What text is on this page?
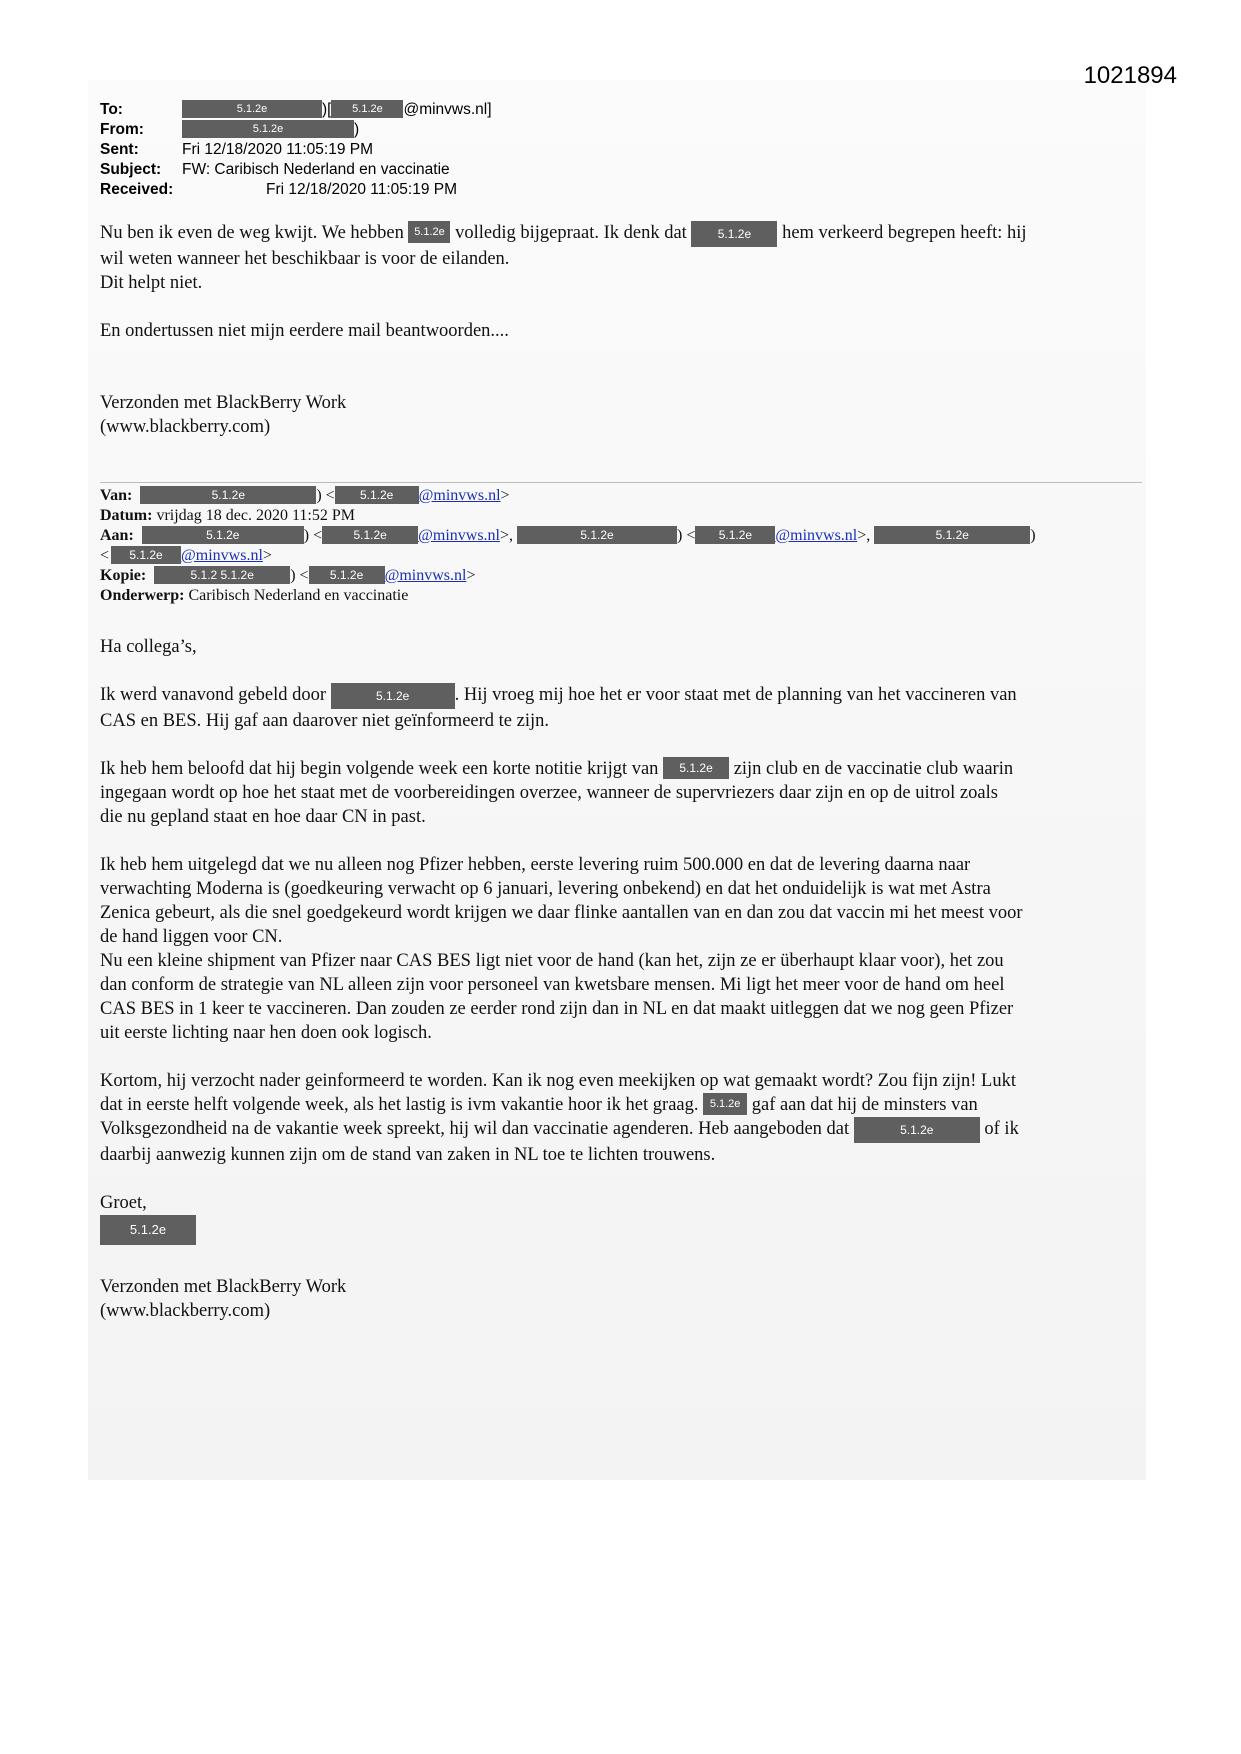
1021894
To:	5.1.2e	)[ 5.1.2e @minvws.nl]
From:	5.1.2e	)
Sent:	Fri 12/18/2020 11:05:19 PM
Subject: FW: Caribisch Nederland en vaccinatie
Received:	Fri 12/18/2020 11:05:19 PM

Nu ben ik even de weg kwijt. We hebben 5.1.2e volledig bijgepraat. Ik denk dat 5.1.2e hem verkeerd begrepen heeft: hij

wil weten wanneer het beschikbaar is voor de eilanden.

Dit helpt niet.

En ondertussen niet mijn eerdere mail beantwoorden....

Verzonden met BlackBerry Work

(www.blackberry.com)

Van:	5.1.2e	) < 5.1.2e @minvws.nl>
Datum: vrijdag 18 dec. 2020 11:52 PM
Aan:	5.1.2e	) <	5.1.2e @minvws.nl>,	5.1.2e	) < 5.1.2e @minvws.nl>,	5.1.2e	)
< 5.1.2e @minvws.nl>
Kopie:	5.1.2 5.1.2e ) < 5.1.2e @minvws.nl>
Onderwerp: Caribisch Nederland en vaccinatie

Ha collega’s,

Ik werd vanavond gebeld door	5.1.2e . Hij vroeg mij hoe het er voor staat met de planning van het vaccineren van

CAS en BES. Hij gaf aan daarover niet geïnformeerd te zijn.

Ik heb hem beloofd dat hij begin volgende week een korte notitie krijgt van 5.1.2e zijn club en de vaccinatie club waarin

ingegaan wordt op hoe het staat met de voorbereidingen overzee, wanneer de supervriezers daar zijn en op de uitrol zoals

die nu gepland staat en hoe daar CN in past.

Ik heb hem uitgelegd dat we nu alleen nog Pfizer hebben, eerste levering ruim 500.000 en dat de levering daarna naar

verwachting Moderna is (goedkeuring verwacht op 6 januari, levering onbekend) en dat het onduidelijk is wat met Astra

Zenica gebeurt, als die snel goedgekeurd wordt krijgen we daar flinke aantallen van en dan zou dat vaccin mi het meest voor

de hand liggen voor CN.

Nu een kleine shipment van Pfizer naar CAS BES ligt niet voor de hand (kan het, zijn ze er überhaupt klaar voor), het zou

dan conform de strategie van NL alleen zijn voor personeel van kwetsbare mensen. Mi ligt het meer voor de hand om heel

CAS BES in 1 keer te vaccineren. Dan zouden ze eerder rond zijn dan in NL en dat maakt uitleggen dat we nog geen Pfizer

uit eerste lichting naar hen doen ook logisch.

Kortom, hij verzocht nader geinformeerd te worden. Kan ik nog even meekijken op wat gemaakt wordt? Zou fijn zijn! Lukt

dat in eerste helft volgende week, als het lastig is ivm vakantie hoor ik het graag. 5.1.2e gaf aan dat hij de minsters van

Volksgezondheid na de vakantie week spreekt, hij wil dan vaccinatie agenderen. Heb aangeboden dat	5.1.2e	of ik

daarbij aanwezig kunnen zijn om de stand van zaken in NL toe te lichten trouwens.

Groet,

5.1.2e

Verzonden met BlackBerry Work

(www.blackberry.com)
